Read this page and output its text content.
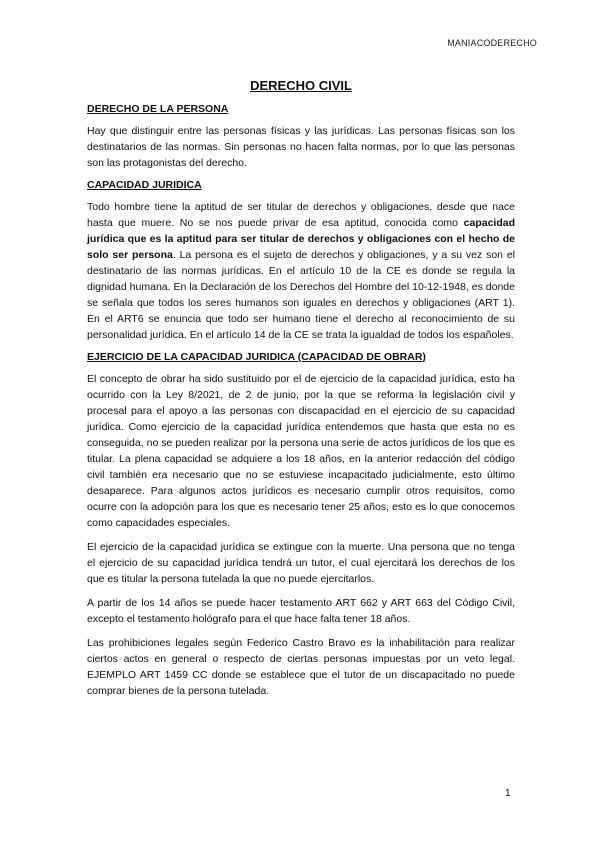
MANIACODERECHO
DERECHO CIVIL
DERECHO DE LA PERSONA

Hay que distinguir entre las personas físicas y las jurídicas. Las personas físicas son los destinatarios de las normas. Sin personas no hacen falta normas, por lo que las personas son las protagonistas del derecho.

CAPACIDAD JURIDICA

Todo hombre tiene la aptitud de ser titular de derechos y obligaciones, desde que nace hasta que muere. No se nos puede privar de esa aptitud, conocida como capacidad jurídica que es la aptitud para ser titular de derechos y obligaciones con el hecho de solo ser persona. La persona es el sujeto de derechos y obligaciones, y a su vez son el destinatario de las normas jurídicas. En el artículo 10 de la CE es donde se regula la dignidad humana. En la Declaración de los Derechos del Hombre del 10-12-1948, es donde se señala que todos los seres humanos son iguales en derechos y obligaciones (ART 1). En el ART6 se enuncia que todo ser humano tiene el derecho al reconocimiento de su personalidad jurídica. En el artículo 14 de la CE se trata la igualdad de todos los españoles.

EJERCICIO DE LA CAPACIDAD JURIDICA (CAPACIDAD DE OBRAR)

El concepto de obrar ha sido sustituido por el de ejercicio de la capacidad jurídica, esto ha ocurrido con la Ley 8/2021, de 2 de junio, por la que se reforma la legislación civil y procesal para el apoyo a las personas con discapacidad en el ejercicio de su capacidad jurídica. Como ejercicio de la capacidad jurídica entendemos que hasta que esta no es conseguida, no se pueden realizar por la persona una serie de actos jurídicos de los que es titular. La plena capacidad se adquiere a los 18 años, en la anterior redacción del código civil también era necesario que no se estuviese incapacitado judicialmente, esto último desaparece. Para algunos actos jurídicos es necesario cumplir otros requisitos, como ocurre con la adopción para los que es necesario tener 25 años, esto es lo que conocemos como capacidades especiales.

El ejercicio de la capacidad jurídica se extingue con la muerte. Una persona que no tenga el ejercicio de su capacidad jurídica tendrá un tutor, el cual ejercitará los derechos de los que es titular la persona tutelada la que no puede ejercitarlos.

A partir de los 14 años se puede hacer testamento ART 662 y ART 663 del Código Civil, excepto el testamento hológrafo para el que hace falta tener 18 años.

Las prohibiciones legales según Federico Castro Bravo es la inhabilitación para realizar ciertos actos en general o respecto de ciertas personas impuestas por un veto legal. EJEMPLO ART 1459 CC donde se establece que el tutor de un discapacitado no puede comprar bienes de la persona tutelada.

1
